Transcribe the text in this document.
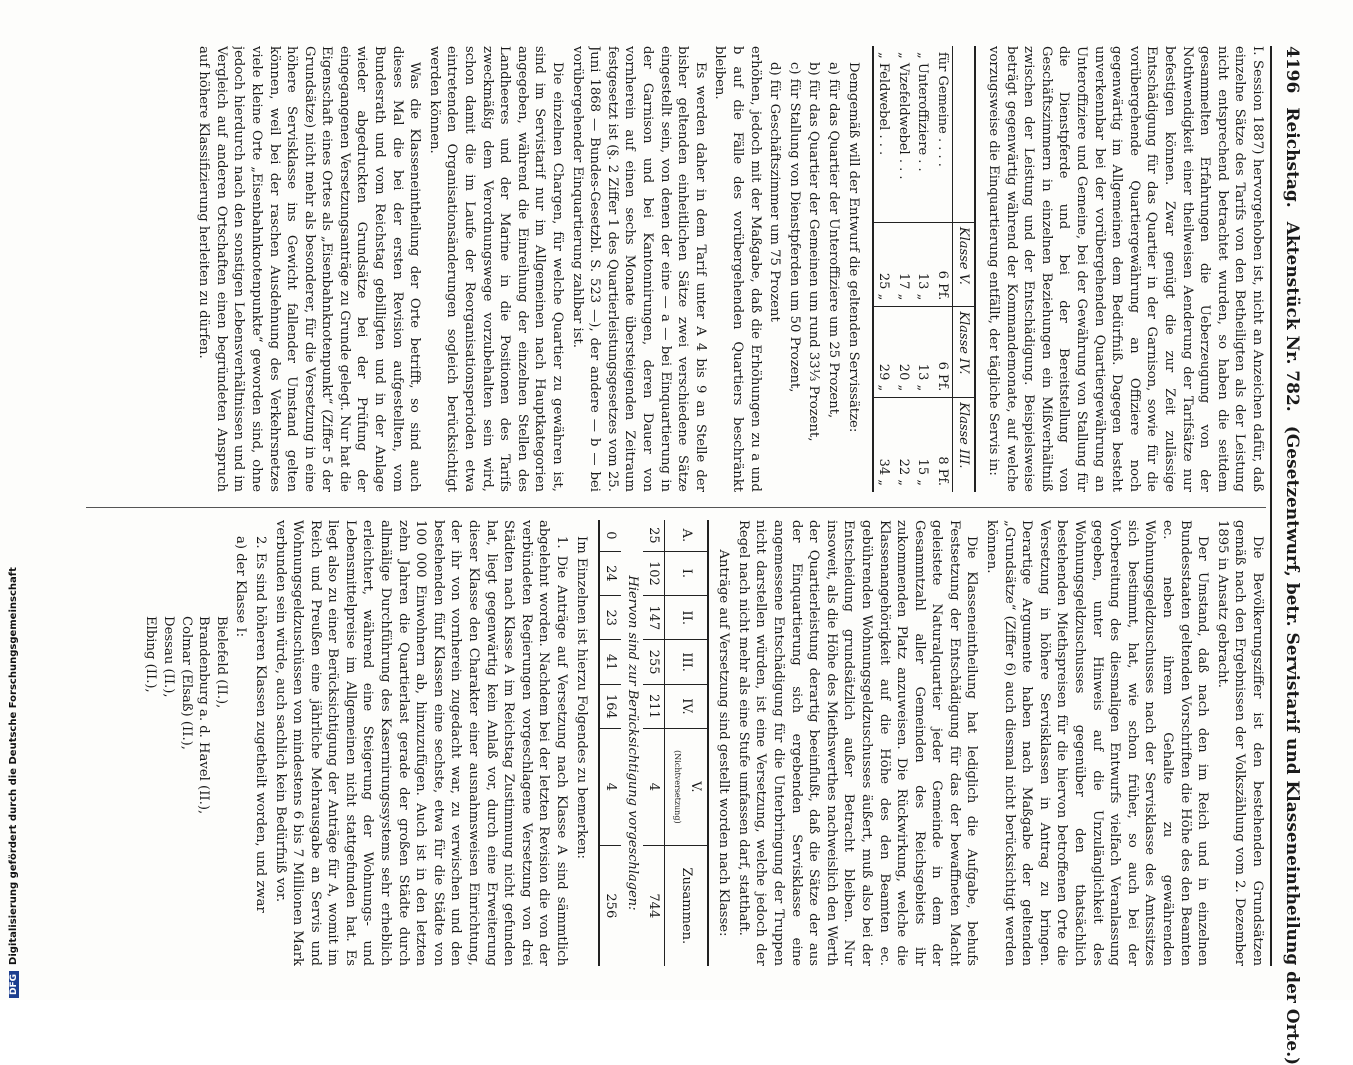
4196
Reichstag.
Aktenstück Nr. 782.
(Gesetzentwurf, betr. Servistarif und Klasseneintheilung der Orte.)

I. Session 1887) hervorgehoben ist, nicht an Anzeichen dafür, daß einzelne Sätze des Tarifs von den Betheiligten als der Leistung nicht entsprechend betrachtet wurden, so haben die seitdem gesammelten Erfahrungen die Ueberzeugung von der Nothwendigkeit einer theilweisen Aenderung der Tarifsätze nur befestigen können. Zwar genügt die zur Zeit zulässige Entschädigung für das Quartier in der Garnison, sowie für die vorübergehende Quartiergewährung an Offiziere noch gegenwärtig im Allgemeinen dem Bedürfniß. Dagegen besteht unverkennbar bei der vorübergehenden Quartiergewährung an Unteroffiziere und Gemeine, bei der Gewährung von Stallung für die Dienstpferde und bei der Bereitstellung von Geschäftszimmern in einzelnen Beziehungen ein Mißverhältniß zwischen der Leistung und der Entschädigung. Beispielsweise beträgt gegenwärtig während der Kommandemonate, auf welche vorzugsweise die Einquartierung entfällt, der tägliche Servis in:

	Klasse V.	Klasse IV.	Klasse III.
für Gemeine . . . .	6 Pf.	6 Pf.	8 Pf.
„ Unteroffiziere . .	13 „	13 „	15 „
„ Vizefeldwebel . . .	17 „	20 „	22 „
„ Feldwebel . . .	25 „	29 „	34 „

Demgemäß will der Entwurf die geltenden Servissätze:

a) für das Quartier der Unteroffiziere um 25 Prozent,

b) für das Quartier der Gemeinen um rund 33⅓ Prozent,

c) für Stallung von Dienstpferden um 50 Prozent,

d) für Geschäftszimmer um 75 Prozent

erhöhen, jedoch mit der Maßgabe, daß die Erhöhungen zu a und b auf die Fälle des vorübergehenden Quartiers beschränkt bleiben.

Es werden daher in dem Tarif unter A 4 bis 9 an Stelle der bisher geltenden einheitlichen Sätze zwei verschiedene Sätze eingestellt sein, von denen der eine — a — bei Einquartierung in der Garnison und bei Kantonnirungen, deren Dauer von vornherein auf einen sechs Monate übersteigenden Zeitraum festgesetzt ist (§. 2 Ziffer 1 des Quartierleistungsgesetzes vom 25. Juni 1868 — Bundes-Gesetzbl. S. 523 —), der andere — b — bei vorübergehender Einquartierung zahlbar ist.

Die einzelnen Chargen, für welche Quartier zu gewähren ist, sind im Servistarif nur im Allgemeinen nach Hauptkategorien angegeben, während die Einreihung der einzelnen Stellen des Landheeres und der Marine in die Positionen des Tarifs zweckmäßig dem Verordnungswege vorzubehalten sein wird, schon damit die im Laufe der Reorganisationsperioden etwa eintretenden Organisationsänderungen sogleich berücksichtigt werden können.

Was die Klasseneintheilung der Orte betrifft, so sind auch dieses Mal die bei der ersten Revision aufgestellten, vom Bundesrath und vom Reichstag gebilligten und in der Anlage wieder abgedruckten Grundsätze bei der Prüfung der eingegangenen Versetzungsanträge zu Grunde gelegt. Nur hat die Eigenschaft eines Ortes als „Eisenbahnknotenpunkt“ (Ziffer 5 der Grundsätze) nicht mehr als besonderer, für die Versetzung in eine höhere Servisklasse ins Gewicht fallender Umstand gelten können, weil bei der raschen Ausdehnung des Verkehrsnetzes viele kleine Orte „Eisenbahnknotenpunkte“ geworden sind, ohne jedoch hierdurch nach den sonstigen Lebensverhältnissen und im Vergleich auf anderen Ortschaften einen begründeten Anspruch auf höhere Klassifizierung herleiten zu dürfen.

Die Bevölkerungsziffer ist den bestehenden Grundsätzen gemäß nach den Ergebnissen der Volkszählung vom 2. Dezember 1895 in Ansatz gebracht.

Der Umstand, daß nach den im Reich und in einzelnen Bundesstaaten geltenden Vorschriften die Höhe des den Beamten ec. neben ihrem Gehalte zu gewährenden Wohnungsgeldzuschusses nach der Servisklasse des Amtssitzes sich bestimmt, hat, wie schon früher, so auch bei der Vorbereitung des diesmaligen Entwurfs vielfach Veranlassung gegeben, unter Hinweis auf die Unzulänglichkeit des Wohnungsgeldzuschusses gegenüber den thatsächlich bestehenden Miethspreisen für die hiervon betroffenen Orte die Versetzung in höhere Servisklassen in Antrag zu bringen. Derartige Argumente haben nach Maßgabe der geltenden „Grundsätze“ (Ziffer 6) auch diesmal nicht berücksichtigt werden können.

Die Klasseneintheilung hat lediglich die Aufgabe, behufs Festsetzung der Entschädigung für das der bewaffneten Macht geleistete Naturalquartier jeder Gemeinde in dem der Gesammtzahl aller Gemeinden des Reichsgebiets ihr zukommenden Platz anzuweisen. Die Rückwirkung, welche die Klassenangehörigkeit auf die Höhe des den Beamten ec. gebührenden Wohnungsgeldzuschusses äußert, muß also bei der Entscheidung grundsätzlich außer Betracht bleiben. Nur insoweit, als die Höhe des Miethswerthes nachweislich den Werth der Quartierleistung derartig beeinflußt, daß die Sätze der aus der Einquartierung sich ergebenden Servisklasse eine angemessene Entschädigung für die Unterbringung der Truppen nicht darstellen würden, ist eine Versetzung, welche jedoch der Regel nach nicht mehr als eine Stufe umfassen darf, statthaft.

Anträge auf Versetzung sind gestellt worden nach Klasse:

A.	I.	II.	III.	IV.	V.
(Nichtversetzung)	Zusammen.
25	102	147	255	211	4	744
Hiervon sind zur Berücksichtigung vorgeschlagen:						
0	24	23	41	164	4	256

Im Einzelnen ist hierzu Folgendes zu bemerken:

1. Die Anträge auf Versetzung nach Klasse A sind sämmtlich abgelehnt worden. Nachdem bei der letzten Revision die von der verbündeten Regierungen vorgeschlagene Versetzung von drei Städten nach Klasse A im Reichstag Zustimmung nicht gefunden hat, liegt gegenwärtig kein Anlaß vor, durch eine Erweiterung dieser Klasse den Charakter einer ausnahmsweisen Einrichtung, der ihr von vornherein zugedacht war, zu verwischen und den bestehenden fünf Klassen eine sechste, etwa für die Städte von 100 000 Einwohnern ab, hinzuzufügen. Auch ist in den letzten zehn Jahren die Quartierlast gerade der großen Städte durch allmälige Durchführung des Kasernirungssystems sehr erheblich erleichtert, während eine Steigerung der Wohnungs- und Lebensmittelpreise im Allgemeinen nicht stattgefunden hat. Es liegt also zu einer Berücksichtigung der Anträge für A, womit im Reich und Preußen eine jährliche Mehrausgabe an Servis und Wohnungsgeldzuschüssen von mindestens 6 bis 7 Millionen Mark verbunden sein würde, auch sachlich kein Bedürfniß vor.

2. Es sind höheren Klassen zugetheilt worden, und zwar

a) der Klasse I:

Bielefeld (II.),

Brandenburg a. d. Havel (II.),

Colmar (Elsaß) (II.),

Dessau (II.),

Elbing (II.),

DFGDigitalisierung gefördert durch die Deutsche Forschungsgemeinschaft
